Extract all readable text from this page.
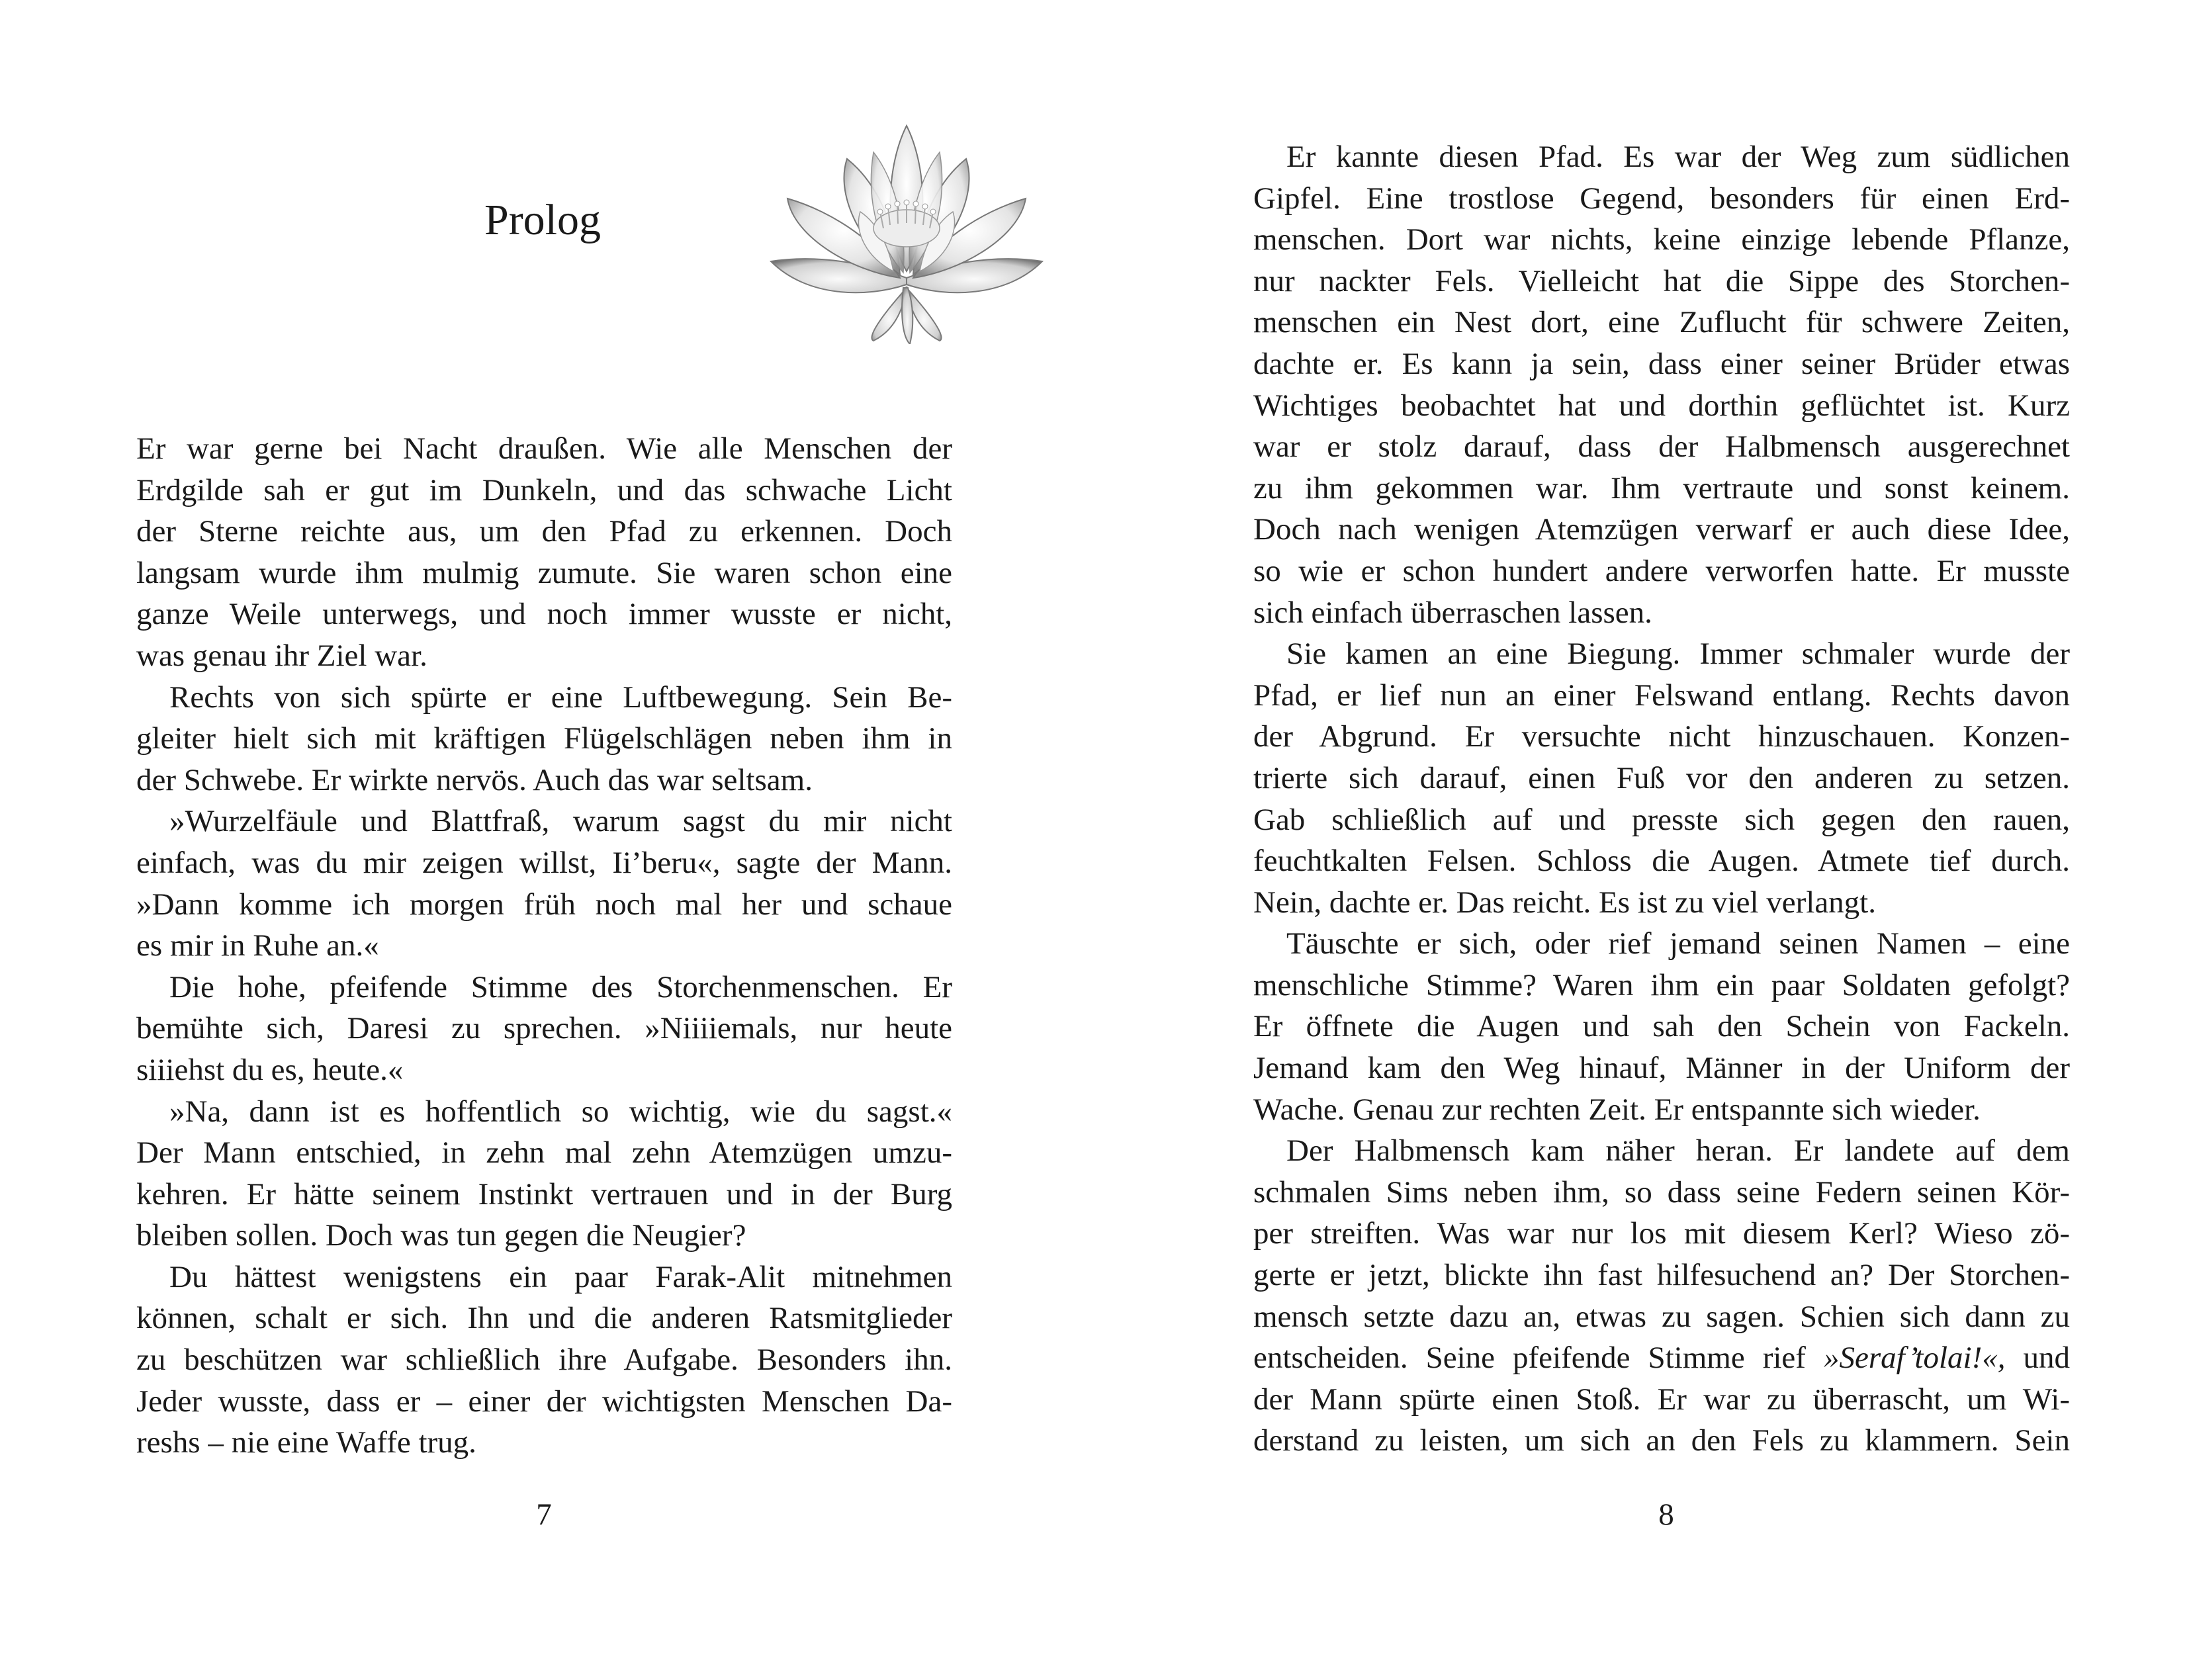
Prolog
Er war gerne bei Nacht draußen. Wie alle Menschen der
Erdgilde sah er gut im Dunkeln, und das schwache Licht
der Sterne reichte aus, um den Pfad zu erkennen. Doch
langsam wurde ihm mulmig zumute. Sie waren schon eine
ganze Weile unterwegs, und noch immer wusste er nicht,
was genau ihr Ziel war.
Rechts von sich spürte er eine Luftbewegung. Sein Be-
gleiter hielt sich mit kräftigen Flügelschlägen neben ihm in
der Schwebe. Er wirkte nervös. Auch das war seltsam.
»Wurzelfäule und Blattfraß, warum sagst du mir nicht
einfach, was du mir zeigen willst, Ii’beru«, sagte der Mann.
»Dann komme ich morgen früh noch mal her und schaue
es mir in Ruhe an.«
Die hohe, pfeifende Stimme des Storchenmenschen. Er
bemühte sich, Daresi zu sprechen. »Niiiiemals, nur heute
siiiehst du es, heute.«
»Na, dann ist es hoffentlich so wichtig, wie du sagst.«
Der Mann entschied, in zehn mal zehn Atemzügen umzu-
kehren. Er hätte seinem Instinkt vertrauen und in der Burg
bleiben sollen. Doch was tun gegen die Neugier?
Du hättest wenigstens ein paar Farak-Alit mitnehmen
können, schalt er sich. Ihn und die anderen Ratsmitglieder
zu beschützen war schließlich ihre Aufgabe. Besonders ihn.
Jeder wusste, dass er – einer der wichtigsten Menschen Da-
reshs – nie eine Waffe trug.
7
Er kannte diesen Pfad. Es war der Weg zum südlichen
Gipfel. Eine trostlose Gegend, besonders für einen Erd-
menschen. Dort war nichts, keine einzige lebende Pflanze,
nur nackter Fels. Vielleicht hat die Sippe des Storchen-
menschen ein Nest dort, eine Zuflucht für schwere Zeiten,
dachte er. Es kann ja sein, dass einer seiner Brüder etwas
Wichtiges beobachtet hat und dorthin geflüchtet ist. Kurz
war er stolz darauf, dass der Halbmensch ausgerechnet
zu ihm gekommen war. Ihm vertraute und sonst keinem.
Doch nach wenigen Atemzügen verwarf er auch diese Idee,
so wie er schon hundert andere verworfen hatte. Er musste
sich einfach überraschen lassen.
Sie kamen an eine Biegung. Immer schmaler wurde der
Pfad, er lief nun an einer Felswand entlang. Rechts davon
der Abgrund. Er versuchte nicht hinzuschauen. Konzen-
trierte sich darauf, einen Fuß vor den anderen zu setzen.
Gab schließlich auf und presste sich gegen den rauen,
feuchtkalten Felsen. Schloss die Augen. Atmete tief durch.
Nein, dachte er. Das reicht. Es ist zu viel verlangt.
Täuschte er sich, oder rief jemand seinen Namen – eine
menschliche Stimme? Waren ihm ein paar Soldaten gefolgt?
Er öffnete die Augen und sah den Schein von Fackeln.
Jemand kam den Weg hinauf, Männer in der Uniform der
Wache. Genau zur rechten Zeit. Er entspannte sich wieder.
Der Halbmensch kam näher heran. Er landete auf dem
schmalen Sims neben ihm, so dass seine Federn seinen Kör-
per streiften. Was war nur los mit diesem Kerl? Wieso zö-
gerte er jetzt, blickte ihn fast hilfesuchend an? Der Storchen-
mensch setzte dazu an, etwas zu sagen. Schien sich dann zu
entscheiden. Seine pfeifende Stimme rief »Seraf’tolai!«, und
der Mann spürte einen Stoß. Er war zu überrascht, um Wi-
derstand zu leisten, um sich an den Fels zu klammern. Sein
8
